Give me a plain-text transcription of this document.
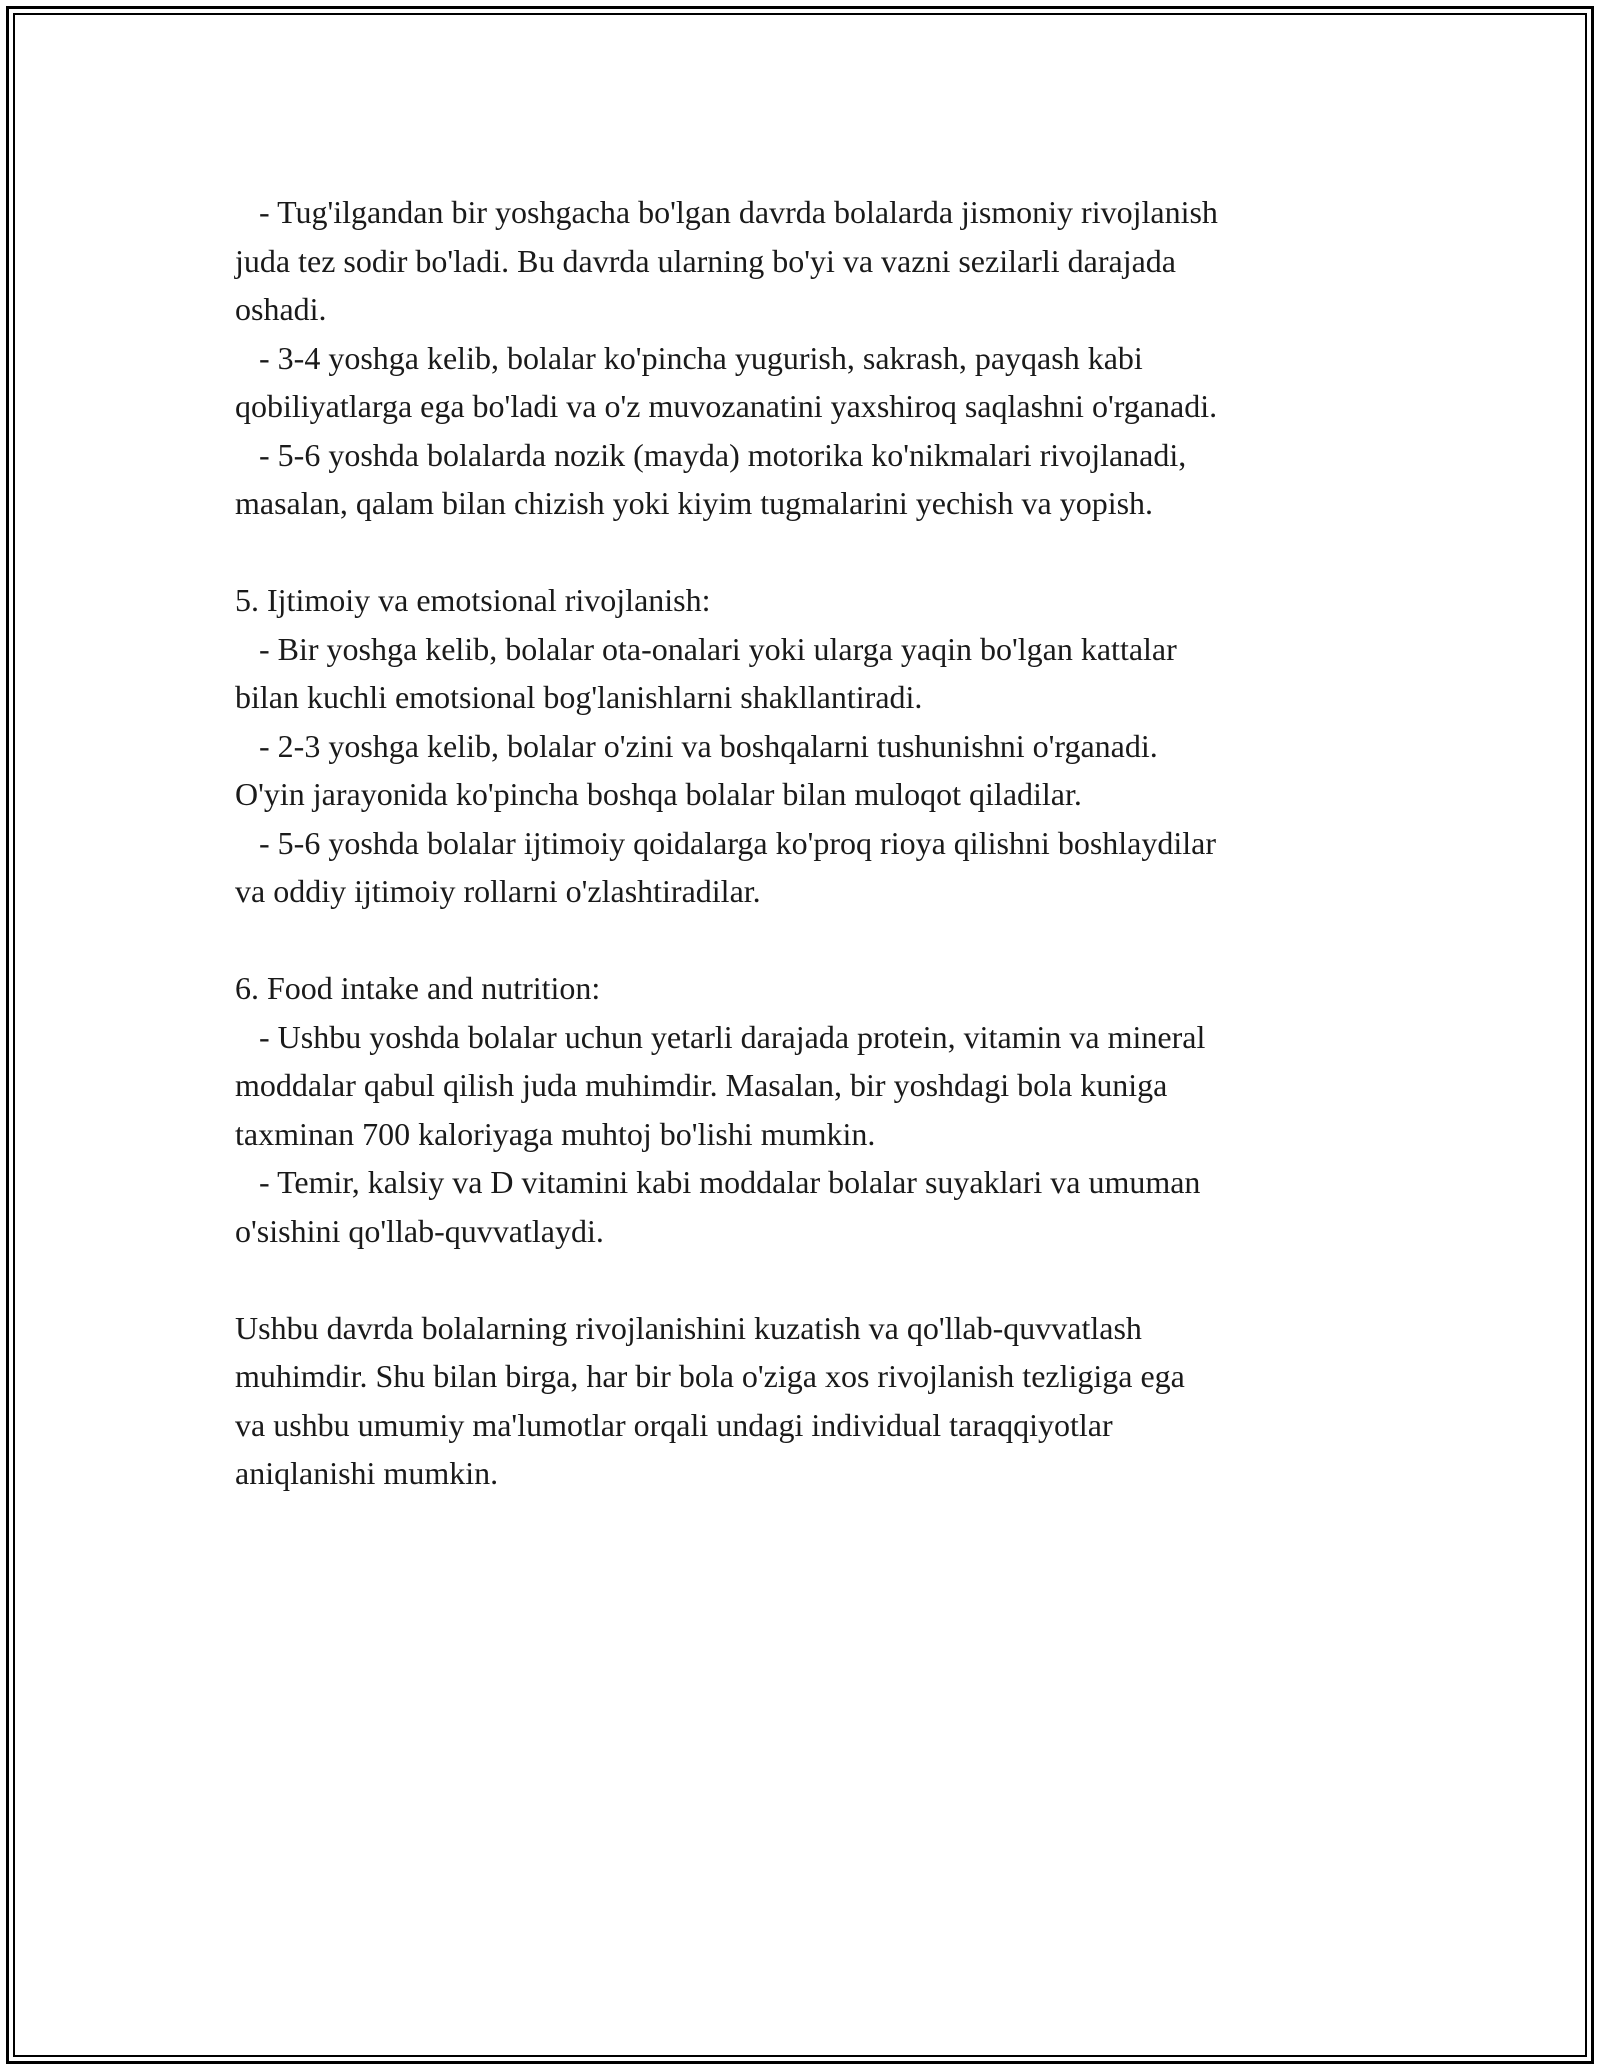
- Tug'ilgandan bir yoshgacha bo'lgan davrda bolalarda jismoniy rivojlanish
juda tez sodir bo'ladi. Bu davrda ularning bo'yi va vazni sezilarli darajada
oshadi.
- 3-4 yoshga kelib, bolalar ko'pincha yugurish, sakrash, payqash kabi
qobiliyatlarga ega bo'ladi va o'z muvozanatini yaxshiroq saqlashni o'rganadi.
- 5-6 yoshda bolalarda nozik (mayda) motorika ko'nikmalari rivojlanadi,
masalan, qalam bilan chizish yoki kiyim tugmalarini yechish va yopish.
5. Ijtimoiy va emotsional rivojlanish:
- Bir yoshga kelib, bolalar ota-onalari yoki ularga yaqin bo'lgan kattalar
bilan kuchli emotsional bog'lanishlarni shakllantiradi.
- 2-3 yoshga kelib, bolalar o'zini va boshqalarni tushunishni o'rganadi.
O'yin jarayonida ko'pincha boshqa bolalar bilan muloqot qiladilar.
- 5-6 yoshda bolalar ijtimoiy qoidalarga ko'proq rioya qilishni boshlaydilar
va oddiy ijtimoiy rollarni o'zlashtiradilar.
6. Food intake and nutrition:
- Ushbu yoshda bolalar uchun yetarli darajada protein, vitamin va mineral
moddalar qabul qilish juda muhimdir. Masalan, bir yoshdagi bola kuniga
taxminan 700 kaloriyaga muhtoj bo'lishi mumkin.
- Temir, kalsiy va D vitamini kabi moddalar bolalar suyaklari va umuman
o'sishini qo'llab-quvvatlaydi.
Ushbu davrda bolalarning rivojlanishini kuzatish va qo'llab-quvvatlash
muhimdir. Shu bilan birga, har bir bola o'ziga xos rivojlanish tezligiga ega
va ushbu umumiy ma'lumotlar orqali undagi individual taraqqiyotlar
aniqlanishi mumkin.
